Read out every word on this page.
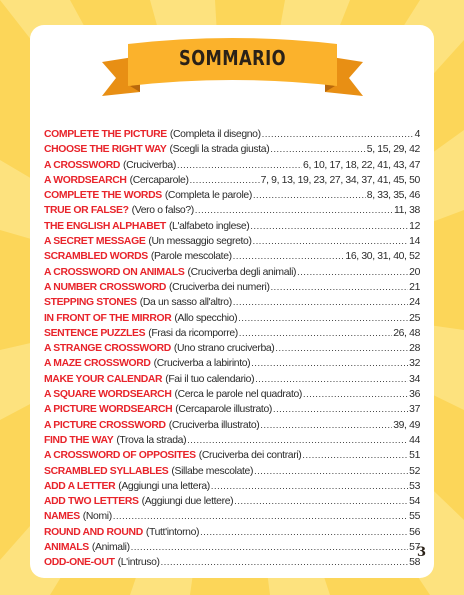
SOMMARIO
COMPLETE THE PICTURE (Completa il disegno) .....	4
CHOOSE THE RIGHT WAY (Scegli la strada giusta) .....	5, 15, 29, 42
A CROSSWORD (Cruciverba) .....	6, 10, 17, 18, 22, 41, 43, 47
A WORDSEARCH (Cercaparole) .....	7, 9, 13, 19, 23, 27, 34, 37, 41, 45, 50
COMPLETE THE WORDS (Completa le parole) .....	8, 33, 35, 46
TRUE OR FALSE? (Vero o falso?) .....	11, 38
THE ENGLISH ALPHABET (L'alfabeto inglese) .....	12
A SECRET MESSAGE (Un messaggio segreto) .....	14
SCRAMBLED WORDS (Parole mescolate) .....	16, 30, 31, 40, 52
A CROSSWORD ON ANIMALS (Cruciverba degli animali) .....	20
A NUMBER CROSSWORD (Cruciverba dei numeri) .....	21
STEPPING STONES (Da un sasso all'altro) .....	24
IN FRONT OF THE MIRROR (Allo specchio) .....	25
SENTENCE PUZZLES (Frasi da ricomporre) .....	26, 48
A STRANGE CROSSWORD (Uno strano cruciverba) .....	28
A MAZE CROSSWORD (Cruciverba a labirinto) .....	32
MAKE YOUR CALENDAR (Fai il tuo calendario) .....	34
A SQUARE WORDSEARCH (Cerca le parole nel quadrato) .....	36
A PICTURE WORDSEARCH (Cercaparole illustrato) .....	37
A PICTURE CROSSWORD (Cruciverba illustrato) .....	39, 49
FIND THE WAY (Trova la strada) .....	44
A CROSSWORD OF OPPOSITES (Cruciverba dei contrari) .....	51
SCRAMBLED SYLLABLES (Sillabe mescolate) .....	52
ADD A LETTER (Aggiungi una lettera) .....	53
ADD TWO LETTERS (Aggiungi due lettere) .....	54
NAMES (Nomi) .....	55
ROUND AND ROUND (Tutt'intorno) .....	56
ANIMALS (Animali) .....	57
ODD-ONE-OUT (L'intruso) .....	58
3
